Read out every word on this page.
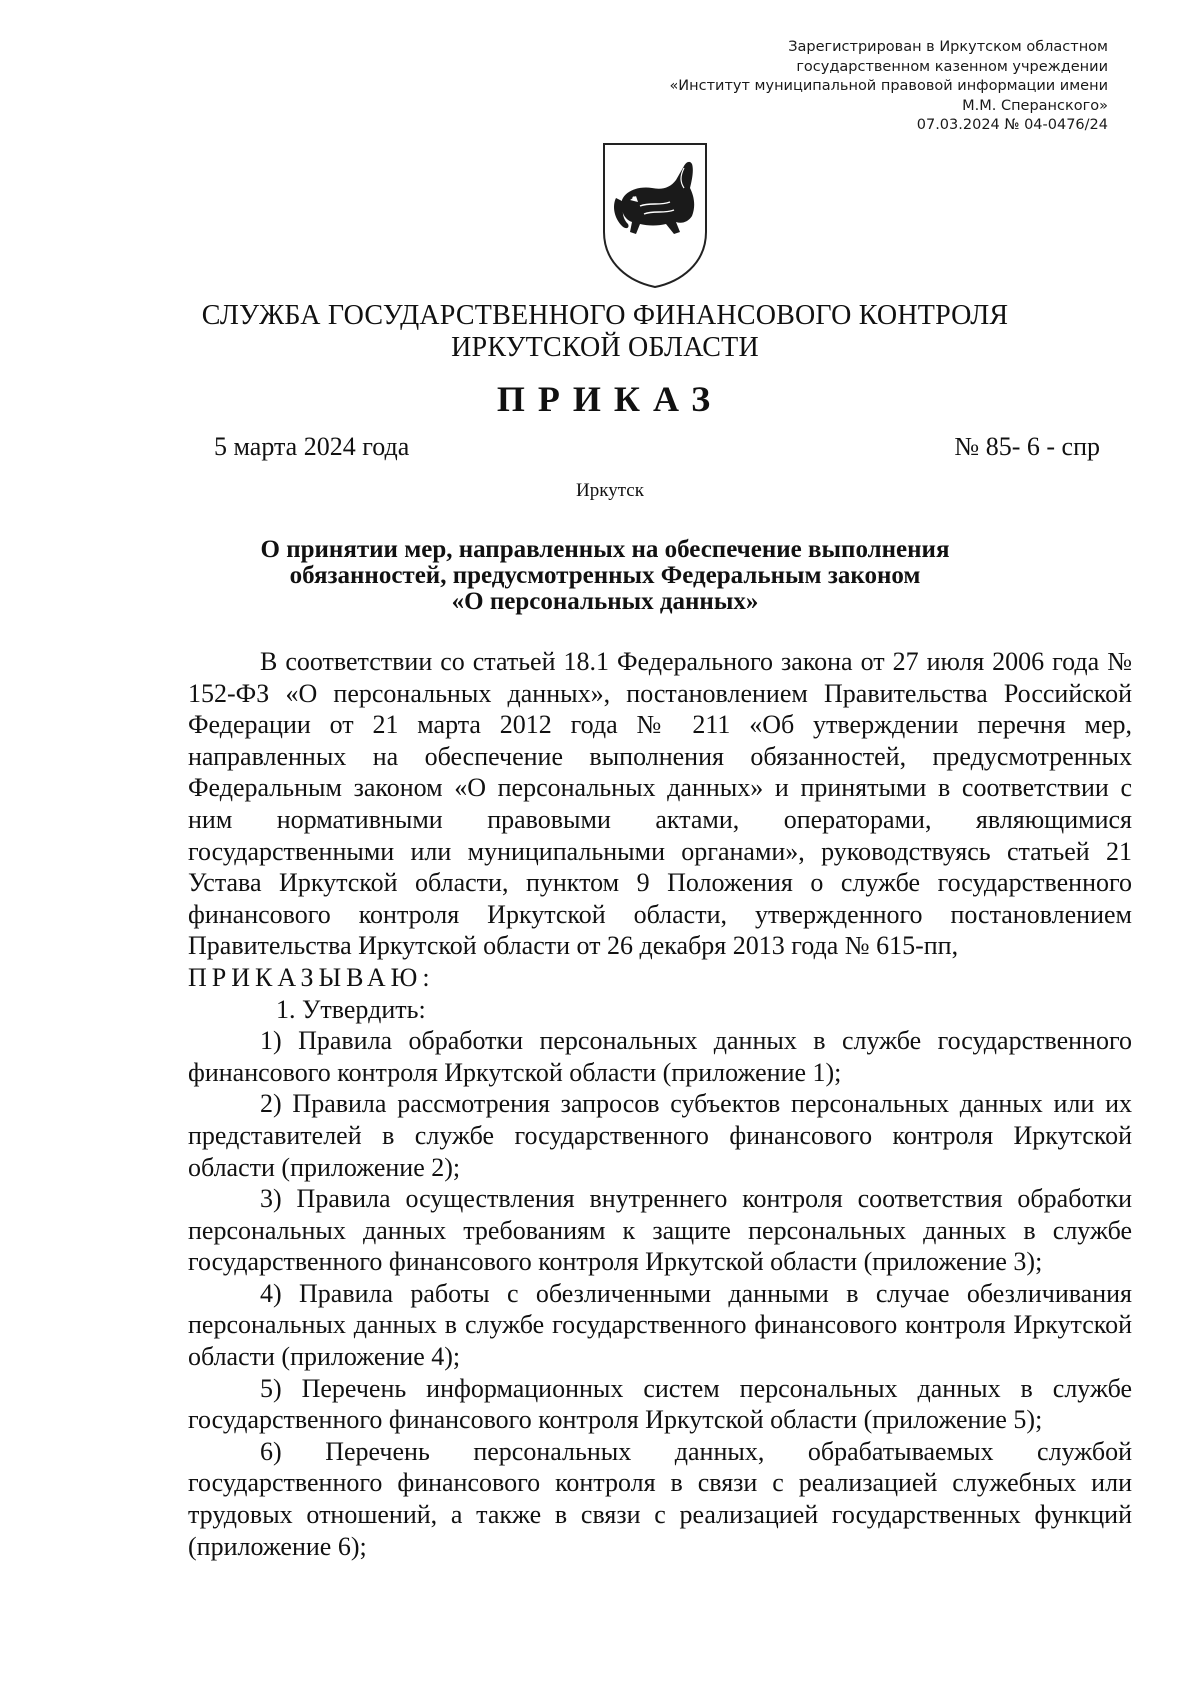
Зарегистрирован в Иркутском областном
государственном казенном учреждении
«Институт муниципальной правовой информации имени
М.М. Сперанского»
07.03.2024 № 04-0476/24
СЛУЖБА ГОСУДАРСТВЕННОГО ФИНАНСОВОГО КОНТРОЛЯ
ИРКУТСКОЙ ОБЛАСТИ
ПРИКАЗ
5 марта 2024 года	№ 85- 6 - спр
Иркутск
О принятии мер, направленных на обеспечение выполнения
обязанностей, предусмотренных Федеральным законом
«О персональных данных»

В соответствии со статьей 18.1 Федерального закона от 27 июля 2006 года № 152-ФЗ «О персональных данных», постановлением Правительства Российской Федерации от 21 марта 2012 года № 211 «Об утверждении перечня мер, направленных на обеспечение выполнения обязанностей, предусмотренных Федеральным законом «О персональных данных» и принятыми в соответствии с ним нормативными правовыми актами, операторами, являющимися государственными или муниципальными органами», руководствуясь статьей 21 Устава Иркутской области, пунктом 9 Положения о службе государственного финансового контроля Иркутской области, утвержденного постановлением Правительства Иркутской области от 26 декабря 2013 года № 615-пп,

ПРИКАЗЫВАЮ:

1. Утвердить:

1) Правила обработки персональных данных в службе государственного финансового контроля Иркутской области (приложение 1);

2) Правила рассмотрения запросов субъектов персональных данных или их представителей в службе государственного финансового контроля Иркутской области (приложение 2);

3) Правила осуществления внутреннего контроля соответствия обработки персональных данных требованиям к защите персональных данных в службе государственного финансового контроля Иркутской области (приложение 3);

4) Правила работы с обезличенными данными в случае обезличивания персональных данных в службе государственного финансового контроля Иркутской области (приложение 4);

5) Перечень информационных систем персональных данных в службе государственного финансового контроля Иркутской области (приложение 5);

6) Перечень персональных данных, обрабатываемых службой государственного финансового контроля в связи с реализацией служебных или трудовых отношений, а также в связи с реализацией государственных функций (приложение 6);
